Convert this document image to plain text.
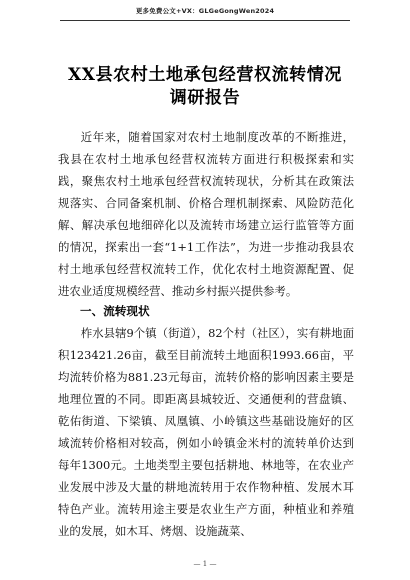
更多免费公文+VX：GLGeGongWen2024
XX县农村土地承包经营权流转情况调研报告

近年来，随着国家对农村土地制度改革的不断推进，我县在农村土地承包经营权流转方面进行积极探索和实践，聚焦农村土地承包经营权流转现状，分析其在政策法规落实、合同备案机制、价格合理机制探索、风险防范化解、解决承包地细碎化以及流转市场建立运行监管等方面的情况，探索出一套“1+1工作法”，为进一步推动我县农村土地承包经营权流转工作，优化农村土地资源配置、促进农业适度规模经营、推动乡村振兴提供参考。

一、流转现状

柞水县辖9个镇（街道），82个村（社区），实有耕地面积123421.26亩，截至目前流转土地面积1993.66亩，平均流转价格为881.23元每亩，流转价格的影响因素主要是地理位置的不同。即距离县城较近、交通便利的营盘镇、乾佑街道、下梁镇、凤凰镇、小岭镇这些基础设施好的区域流转价格相对较高，例如小岭镇金米村的流转单价达到每年1300元。土地类型主要包括耕地、林地等，在农业产业发展中涉及大量的耕地流转用于农作物种植、发展木耳特色产业。流转用途主要是农业生产方面，种植业和养殖业的发展，如木耳、烤烟、设施蔬菜、

— 1 —
